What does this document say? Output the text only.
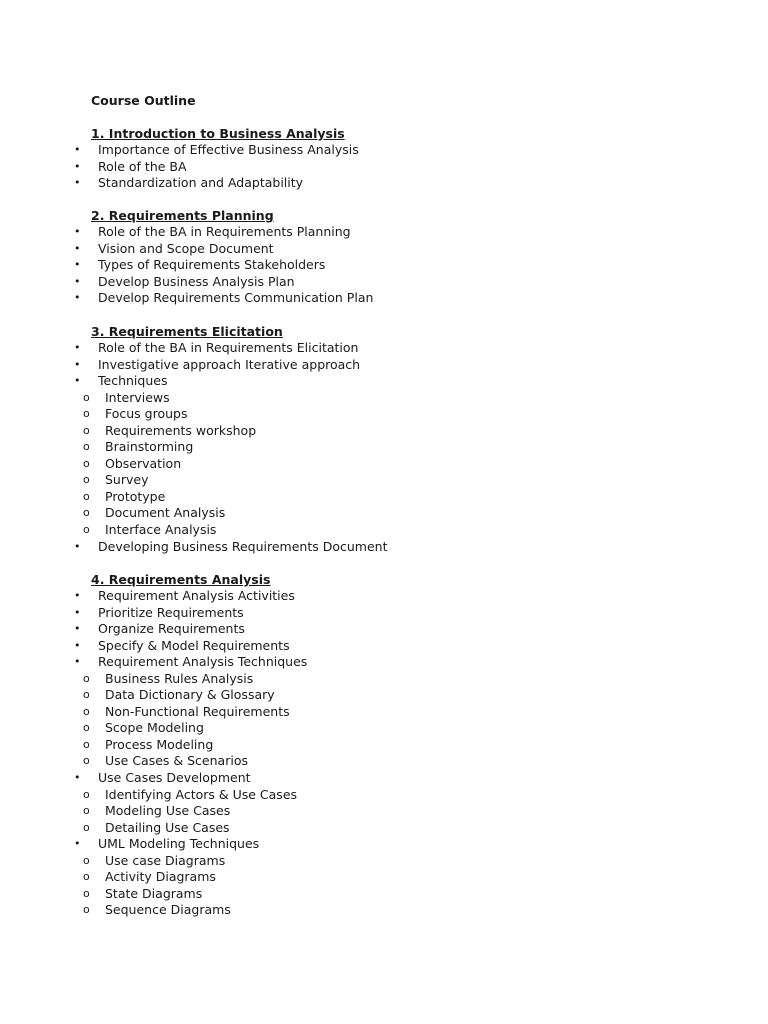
Course Outline
1. Introduction to Business Analysis
• Importance of Effective Business Analysis
• Role of the BA
• Standardization and Adaptability
2. Requirements Planning
• Role of the BA in Requirements Planning
• Vision and Scope Document
• Types of Requirements Stakeholders
• Develop Business Analysis Plan
• Develop Requirements Communication Plan
3. Requirements Elicitation
• Role of the BA in Requirements Elicitation
• Investigative approach Iterative approach
• Techniques
o Interviews
o Focus groups
o Requirements workshop
o Brainstorming
o Observation
o Survey
o Prototype
o Document Analysis
o Interface Analysis
• Developing Business Requirements Document
4. Requirements Analysis
• Requirement Analysis Activities
• Prioritize Requirements
• Organize Requirements
• Specify & Model Requirements
• Requirement Analysis Techniques
o Business Rules Analysis
o Data Dictionary & Glossary
o Non-Functional Requirements
o Scope Modeling
o Process Modeling
o Use Cases & Scenarios
• Use Cases Development
o Identifying Actors & Use Cases
o Modeling Use Cases
o Detailing Use Cases
• UML Modeling Techniques
o Use case Diagrams
o Activity Diagrams
o State Diagrams
o Sequence Diagrams
